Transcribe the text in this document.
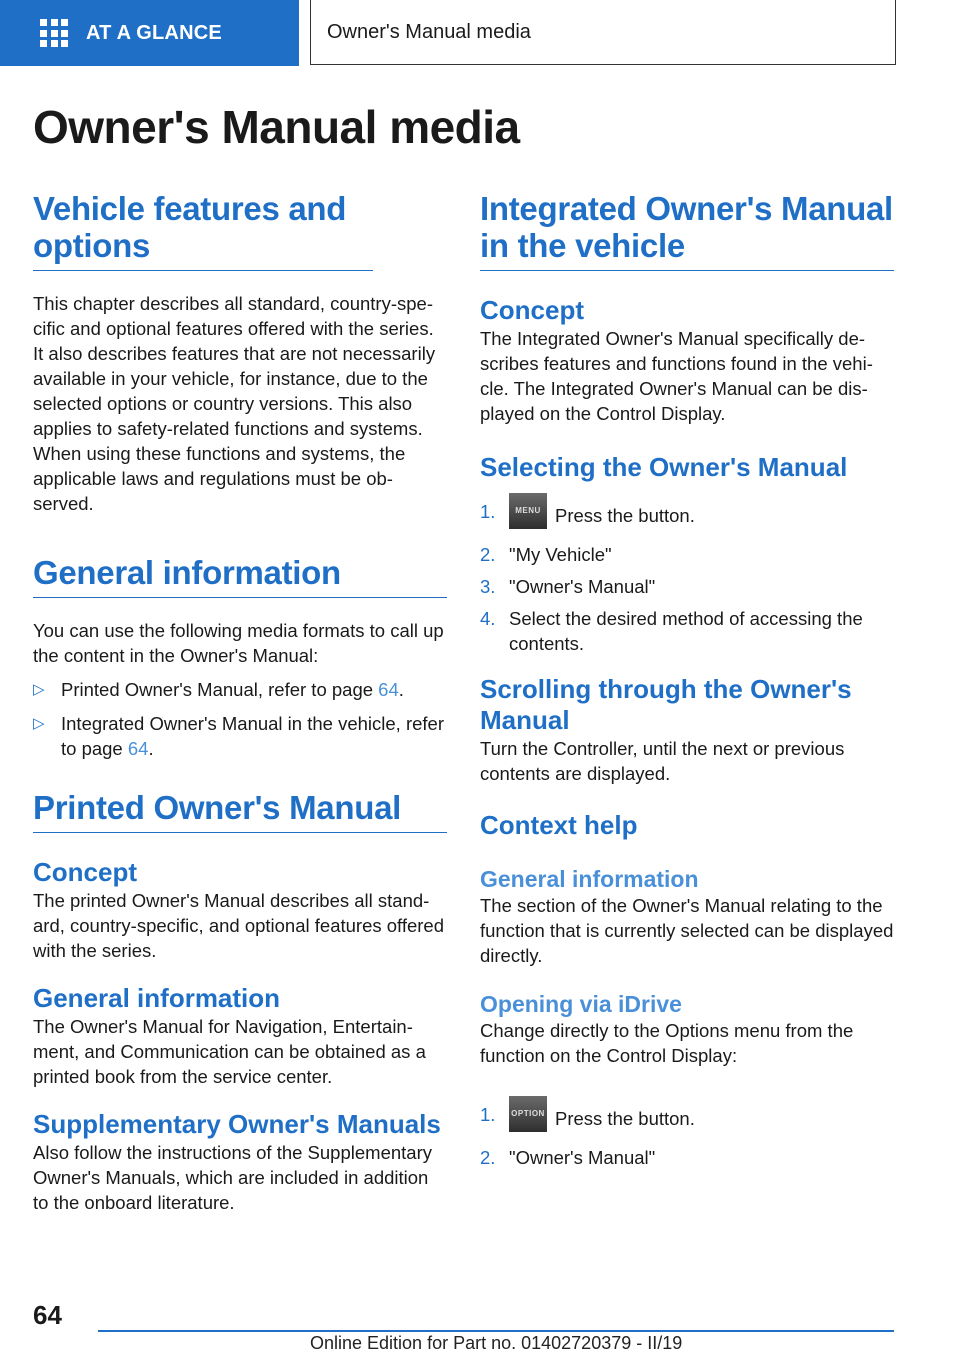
AT A GLANCE	Owner's Manual media
Owner's Manual media
Vehicle features and options

This chapter describes all standard, country-specific and optional features offered with the series. It also describes features that are not necessarily available in your vehicle, for instance, due to the selected options or country versions. This also applies to safety-related functions and systems. When using these functions and systems, the applicable laws and regulations must be observed.

General information

You can use the following media formats to call up the content in the Owner's Manual:

▷ Printed Owner's Manual, refer to page 64.
▷ Integrated Owner's Manual in the vehicle, refer to page 64.
Printed Owner's Manual
Concept

The printed Owner's Manual describes all standard, country-specific, and optional features offered with the series.

General information

The Owner's Manual for Navigation, Entertainment, and Communication can be obtained as a printed book from the service center.

Supplementary Owner's Manuals

Also follow the instructions of the Supplementary Owner's Manuals, which are included in addition to the onboard literature.

Integrated Owner's Manual in the vehicle
Concept

The Integrated Owner's Manual specifically describes features and functions found in the vehicle. The Integrated Owner's Manual can be displayed on the Control Display.

Selecting the Owner's Manual
1. MENU Press the button.
2. "My Vehicle"
3. "Owner's Manual"
4. Select the desired method of accessing the contents.
Scrolling through the Owner's Manual

Turn the Controller, until the next or previous contents are displayed.

Context help
General information

The section of the Owner's Manual relating to the function that is currently selected can be displayed directly.

Opening via iDrive

Change directly to the Options menu from the function on the Control Display:

1. OPTION Press the button.
2. "Owner's Manual"
64
Online Edition for Part no. 01402720379 - II/19
